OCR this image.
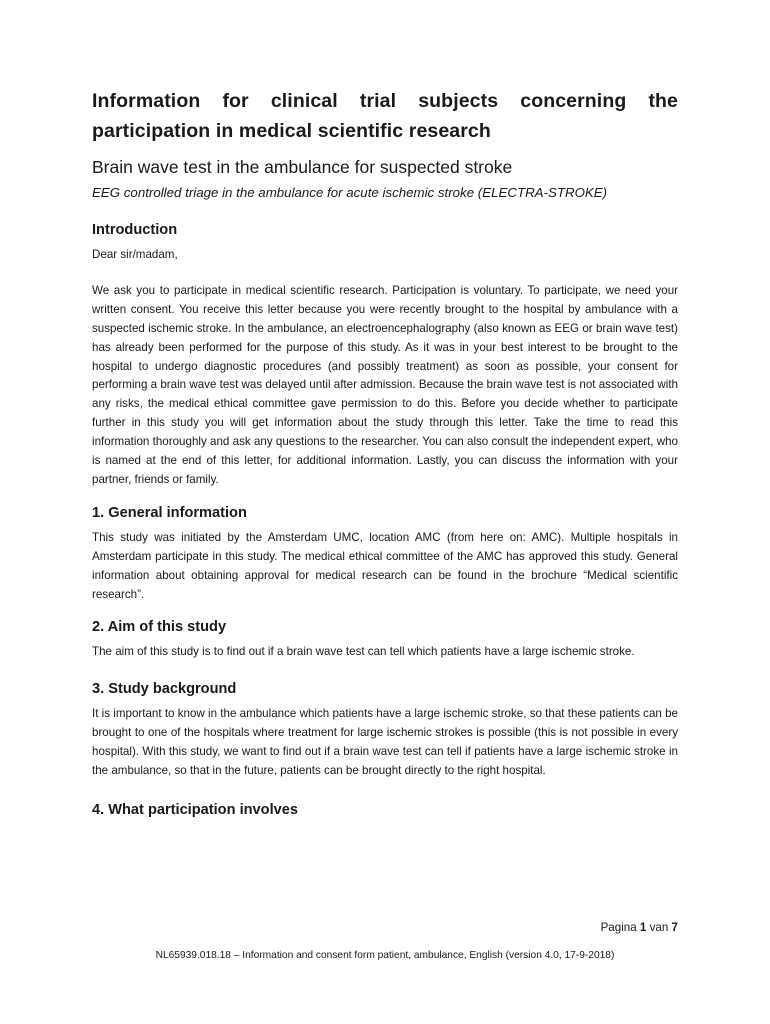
Information for clinical trial subjects concerning the participation in medical scientific research
Brain wave test in the ambulance for suspected stroke
EEG controlled triage in the ambulance for acute ischemic stroke (ELECTRA-STROKE)
Introduction

Dear sir/madam,

We ask you to participate in medical scientific research. Participation is voluntary. To participate, we need your written consent. You receive this letter because you were recently brought to the hospital by ambulance with a suspected ischemic stroke. In the ambulance, an electroencephalography (also known as EEG or brain wave test) has already been performed for the purpose of this study. As it was in your best interest to be brought to the hospital to undergo diagnostic procedures (and possibly treatment) as soon as possible, your consent for performing a brain wave test was delayed until after admission. Because the brain wave test is not associated with any risks, the medical ethical committee gave permission to do this. Before you decide whether to participate further in this study you will get information about the study through this letter. Take the time to read this information thoroughly and ask any questions to the researcher. You can also consult the independent expert, who is named at the end of this letter, for additional information. Lastly, you can discuss the information with your partner, friends or family.

1. General information

This study was initiated by the Amsterdam UMC, location AMC (from here on: AMC). Multiple hospitals in Amsterdam participate in this study. The medical ethical committee of the AMC has approved this study. General information about obtaining approval for medical research can be found in the brochure “Medical scientific research”.

2. Aim of this study

The aim of this study is to find out if a brain wave test can tell which patients have a large ischemic stroke.

3. Study background

It is important to know in the ambulance which patients have a large ischemic stroke, so that these patients can be brought to one of the hospitals where treatment for large ischemic strokes is possible (this is not possible in every hospital). With this study, we want to find out if a brain wave test can tell if patients have a large ischemic stroke in the ambulance, so that in the future, patients can be brought directly to the right hospital.

4. What participation involves
Pagina 1 van 7
NL65939.018.18 – Information and consent form patient, ambulance, English (version 4.0, 17-9-2018)
